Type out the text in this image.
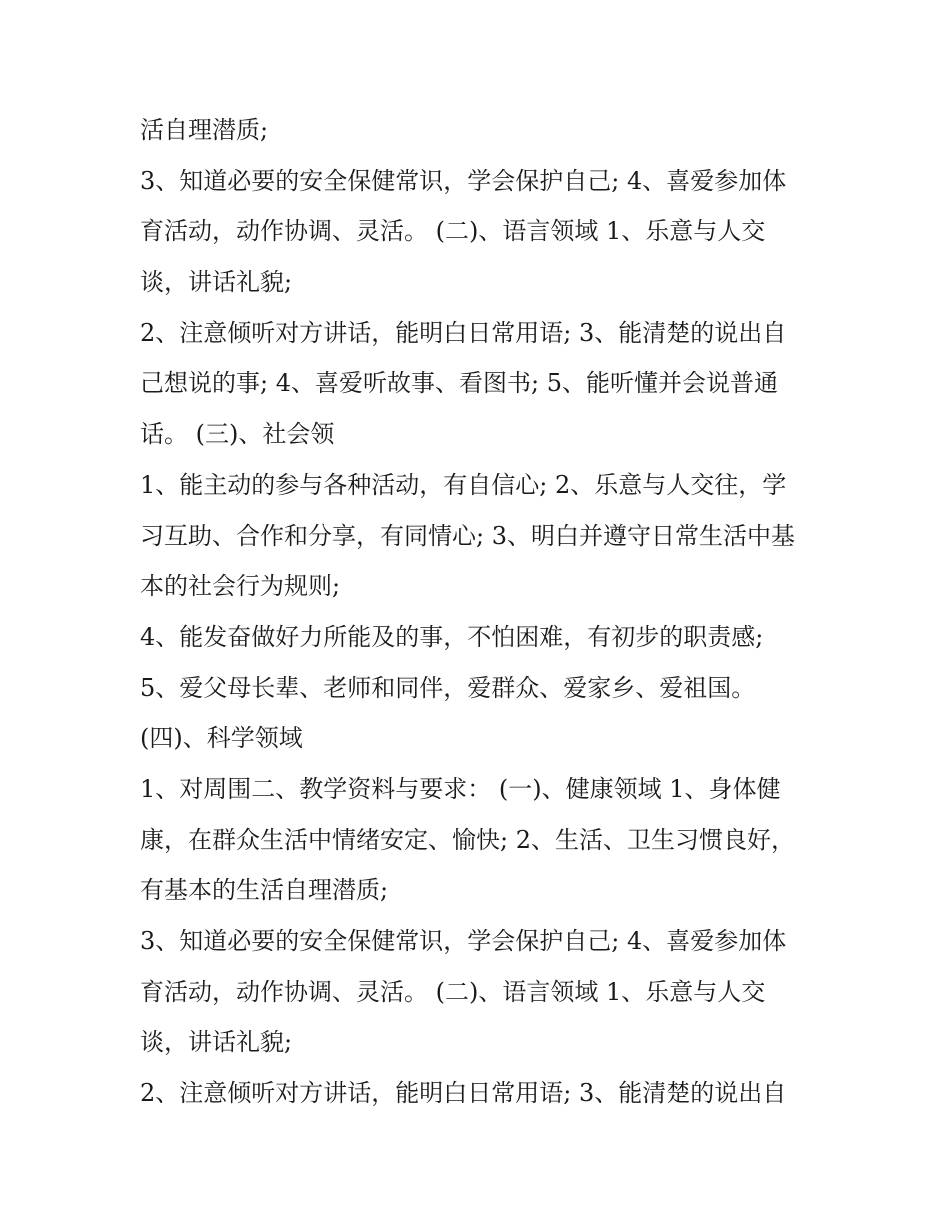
活自理潜质;
3、知道必要的安全保健常识，学会保护自己; 4、喜爱参加体
育活动，动作协调、灵活。 (二)、语言领域 1、乐意与人交
谈，讲话礼貌;
2、注意倾听对方讲话，能明白日常用语; 3、能清楚的说出自
己想说的事; 4、喜爱听故事、看图书; 5、能听懂并会说普通
话。 (三)、社会领
1、能主动的参与各种活动，有自信心; 2、乐意与人交往，学
习互助、合作和分享，有同情心; 3、明白并遵守日常生活中基
本的社会行为规则;
4、能发奋做好力所能及的事，不怕困难，有初步的职责感;
5、爱父母长辈、老师和同伴，爱群众、爱家乡、爱祖国。
(四)、科学领域
1、对周围二、教学资料与要求： (一)、健康领域 1、身体健
康，在群众生活中情绪安定、愉快; 2、生活、卫生习惯良好，
有基本的生活自理潜质;
3、知道必要的安全保健常识，学会保护自己; 4、喜爱参加体
育活动，动作协调、灵活。 (二)、语言领域 1、乐意与人交
谈，讲话礼貌;
2、注意倾听对方讲话，能明白日常用语; 3、能清楚的说出自
